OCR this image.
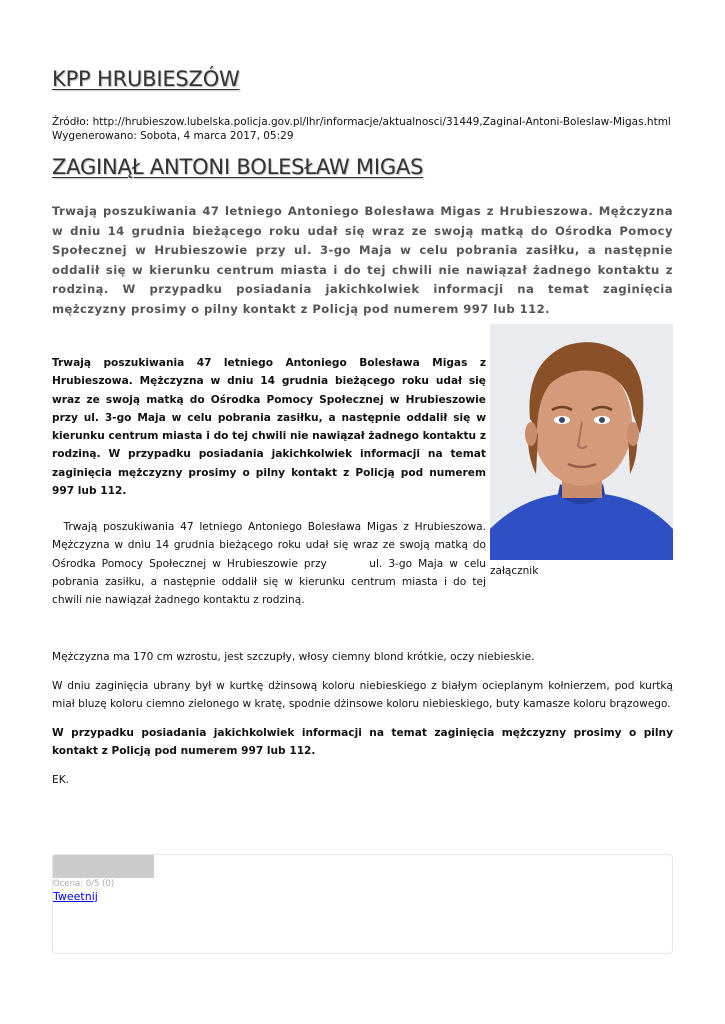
KPP HRUBIESZÓW
Źródło: http://hrubieszow.lubelska.policja.gov.pl/lhr/informacje/aktualnosci/31449,Zaginal-Antoni-Boleslaw-Migas.html
Wygenerowano: Sobota, 4 marca 2017, 05:29
ZAGINĄŁ ANTONI BOLESŁAW MIGAS

Trwają poszukiwania 47 letniego Antoniego Bolesława Migas z Hrubieszowa. Mężczyzna w dniu 14 grudnia bieżącego roku udał się wraz ze swoją matką do Ośrodka Pomocy Społecznej w Hrubieszowie przy ul. 3-go Maja w celu pobrania zasiłku, a następnie oddalił się w kierunku centrum miasta i do tej chwili nie nawiązał żadnego kontaktu z rodziną. W przypadku posiadania jakichkolwiek informacji na temat zaginięcia mężczyzny prosimy o pilny kontakt z Policją pod numerem 997 lub 112.

załącznik

Trwają poszukiwania 47 letniego Antoniego Bolesława Migas z Hrubieszowa. Mężczyzna w dniu 14 grudnia bieżącego roku udał się wraz ze swoją matką do Ośrodka Pomocy Społecznej w Hrubieszowie przy ul. 3-go Maja w celu pobrania zasiłku, a następnie oddalił się w kierunku centrum miasta i do tej chwili nie nawiązał żadnego kontaktu z rodziną. W przypadku posiadania jakichkolwiek informacji na temat zaginięcia mężczyzny prosimy o pilny kontakt z Policją pod numerem 997 lub 112.

Trwają poszukiwania 47 letniego Antoniego Bolesława Migas z Hrubieszowa. Mężczyzna w dniu 14 grudnia bieżącego roku udał się wraz ze swoją matką do Ośrodka Pomocy Społecznej w Hrubieszowie przy       ul. 3-go Maja w celu pobrania zasiłku, a następnie oddalił się w kierunku centrum miasta i do tej chwili nie nawiązał żadnego kontaktu z rodziną.

Mężczyzna ma 170 cm wzrostu, jest szczupły, włosy ciemny blond krótkie, oczy niebieskie.

W dniu zaginięcia ubrany był w kurtkę dżinsową koloru niebieskiego z białym ocieplanym kołnierzem, pod kurtką miał bluzę koloru ciemno zielonego w kratę, spodnie dżinsowe koloru niebieskiego, buty kamasze koloru brązowego.

W przypadku posiadania jakichkolwiek informacji na temat zaginięcia mężczyzny prosimy o pilny kontakt z Policją pod numerem 997 lub 112.

EK.

Ocena: 0/5 (0)
Tweetnij
